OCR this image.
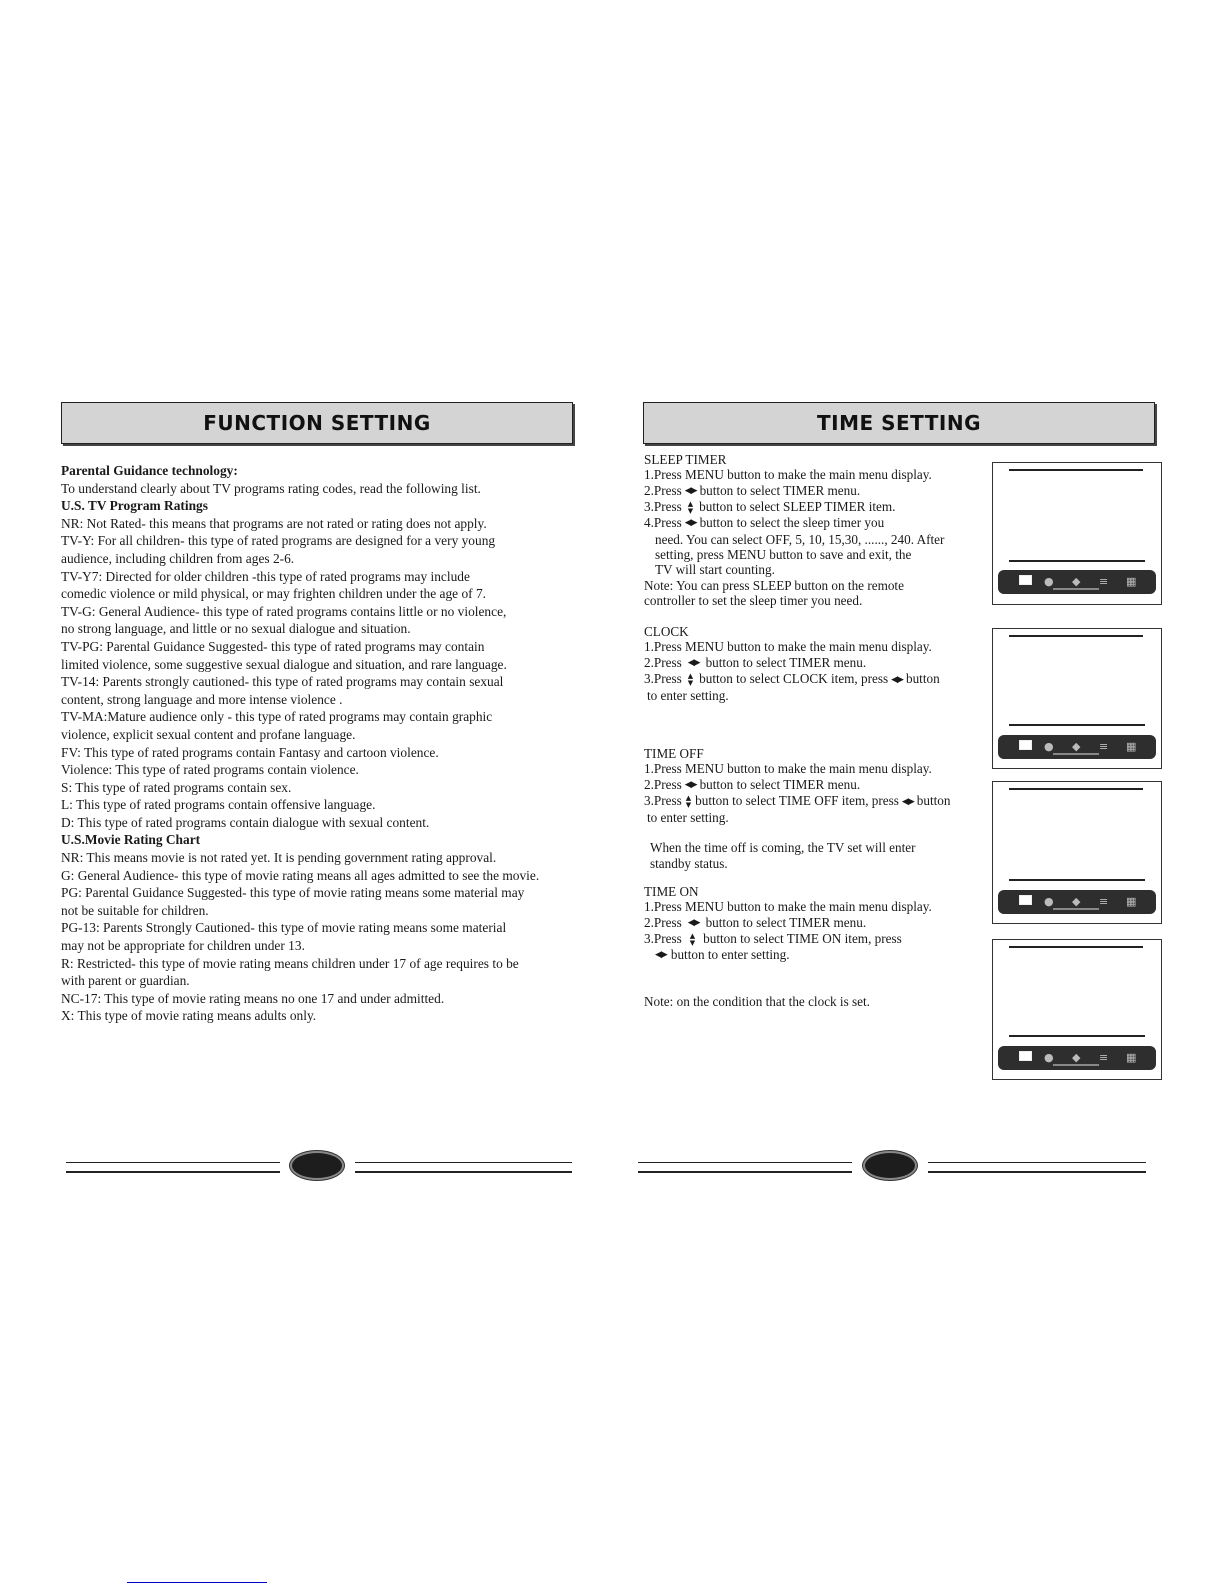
FUNCTION SETTING
Parental Guidance technology:
To understand clearly about TV programs rating codes, read the following list.
U.S. TV Program Ratings
NR: Not Rated- this means that programs are not rated or rating does not apply.
TV-Y: For all children- this type of rated programs are designed for a very young
audience, including children from ages 2-6.
TV-Y7: Directed for older children -this type of rated programs may include
comedic violence or mild physical, or may frighten children under the age of 7.
TV-G: General Audience- this type of rated programs contains little or no violence,
no strong language, and little or no sexual dialogue and situation.
TV-PG: Parental Guidance Suggested- this type of rated programs may contain
limited violence, some suggestive sexual dialogue and situation, and rare language.
TV-14: Parents strongly cautioned- this type of rated programs may contain sexual
content, strong language and more intense violence .
TV-MA:Mature audience only - this type of rated programs may contain graphic
violence, explicit sexual content and profane language.
FV: This type of rated programs contain Fantasy and cartoon violence.
Violence: This type of rated programs contain violence.
S: This type of rated programs contain sex.
L: This type of rated programs contain offensive language.
D: This type of rated programs contain dialogue with sexual content.
U.S.Movie Rating Chart
NR: This means movie is not rated yet. It is pending government rating approval.
G: General Audience- this type of movie rating means all ages admitted to see the movie.
PG: Parental Guidance Suggested- this type of movie rating means some material may
not be suitable for children.
PG-13: Parents Strongly Cautioned- this type of movie rating means some material
may not be appropriate for children under 13.
R: Restricted- this type of movie rating means children under 17 of age requires to be
with parent or guardian.
NC-17: This type of movie rating means no one 17 and under admitted.
X: This type of movie rating means adults only.
22
TIME SETTING
SLEEP TIMER
1.Press MENU button to make the main menu display.
2.Press ◀▶ button to select TIMER menu.
3.Press ▲
▼ button to select SLEEP TIMER item.
4.Press ◀▶ button to select the sleep timer you
need. You can select OFF, 5, 10, 15,30, ......, 240. After
setting, press MENU button to save and exit, the
TV will start counting.
Note: You can press SLEEP button on the remote
controller to set the sleep timer you need.
CLOCK
1.Press MENU button to make the main menu display.
2.Press ◀▶ button to select TIMER menu.
3.Press ▲
▼ button to select CLOCK item, press ◀▶ button
to enter setting.
TIME OFF
1.Press MENU button to make the main menu display.
2.Press ◀▶ button to select TIMER menu.
3.Press ▲
▼ button to select TIME OFF item, press ◀▶ button
to enter setting.

When the time off is coming, the TV set will enter
standby status.
TIME ON
1.Press MENU button to make the main menu display.
2.Press ◀▶ button to select TIMER menu.
3.Press ▲
▼ button to select TIME ON item, press
◀▶ button to enter setting.

Note: on the condition that the clock is set.
● ◆ ≡ ▦
● ◆ ≡ ▦
● ◆ ≡ ▦
● ◆ ≡ ▦
23
